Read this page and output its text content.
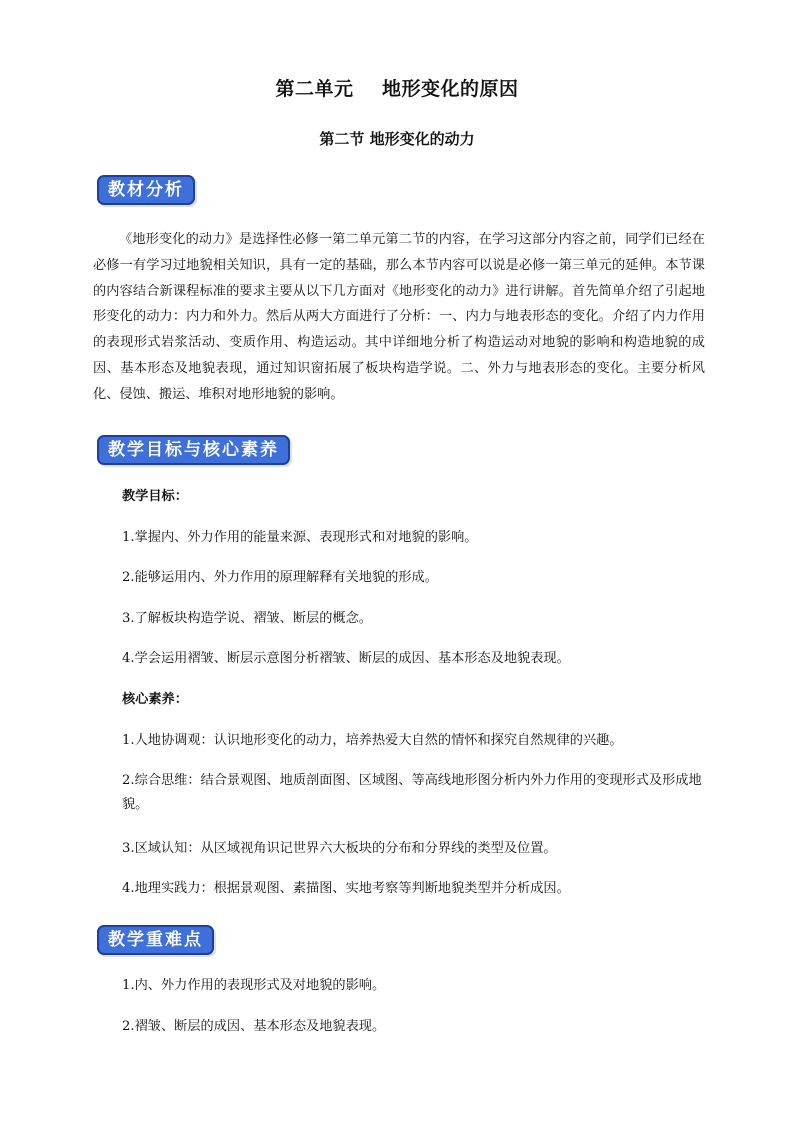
第二单元    地形变化的原因
第二节 地形变化的动力
教材分析
《地形变化的动力》是选择性必修一第二单元第二节的内容，在学习这部分内容之前，同学们已经在必修一有学习过地貌相关知识，具有一定的基础，那么本节内容可以说是必修一第三单元的延伸。本节课的内容结合新课程标准的要求主要从以下几方面对《地形变化的动力》进行讲解。首先简单介绍了引起地形变化的动力：内力和外力。然后从两大方面进行了分析：一、内力与地表形态的变化。介绍了内力作用的表现形式岩浆活动、变质作用、构造运动。其中详细地分析了构造运动对地貌的影响和构造地貌的成因、基本形态及地貌表现，通过知识窗拓展了板块构造学说。二、外力与地表形态的变化。主要分析风化、侵蚀、搬运、堆积对地形地貌的影响。
教学目标与核心素养
教学目标：
1.掌握内、外力作用的能量来源、表现形式和对地貌的影响。
2.能够运用内、外力作用的原理解释有关地貌的形成。
3.了解板块构造学说、褶皱、断层的概念。
4.学会运用褶皱、断层示意图分析褶皱、断层的成因、基本形态及地貌表现。
核心素养：
1.人地协调观：认识地形变化的动力，培养热爱大自然的情怀和探究自然规律的兴趣。
2.综合思维：结合景观图、地质剖面图、区域图、等高线地形图分析内外力作用的变现形式及形成地貌。
3.区域认知：从区域视角识记世界六大板块的分布和分界线的类型及位置。
4.地理实践力：根据景观图、素描图、实地考察等判断地貌类型并分析成因。
教学重难点
1.内、外力作用的表现形式及对地貌的影响。
2.褶皱、断层的成因、基本形态及地貌表现。
